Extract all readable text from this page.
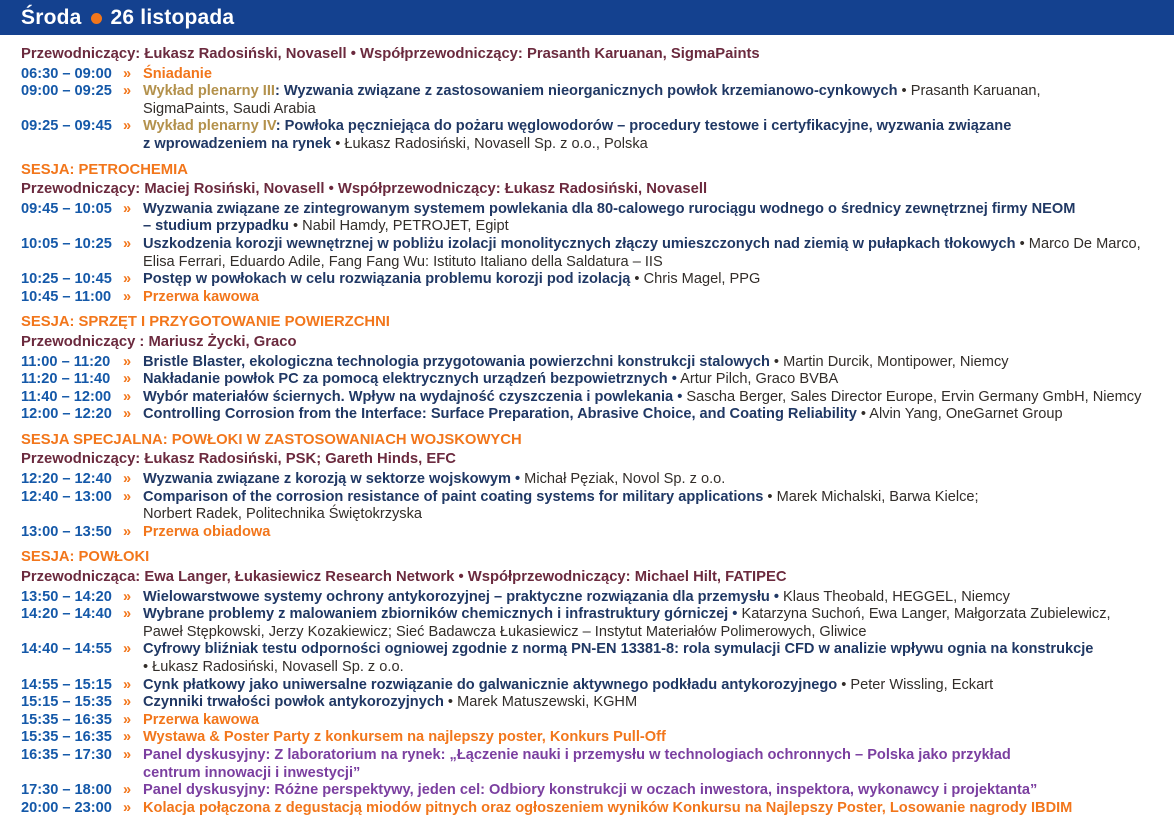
Środa 26 listopada
Przewodniczący: Łukasz Radosiński, Novasell • Współprzewodniczący: Prasanth Karuanan, SigmaPaints
06:30 – 09:00 » Śniadanie
09:00 – 09:25 » Wykład plenarny III: Wyzwania związane z zastosowaniem nieorganicznych powłok krzemianowo-cynkowych • Prasanth Karuanan,
SigmaPaints, Saudi Arabia
09:25 – 09:45 » Wykład plenarny IV: Powłoka pęczniejąca do pożaru węglowodorów – procedury testowe i certyfikacyjne, wyzwania związane
z wprowadzeniem na rynek • Łukasz Radosiński, Novasell Sp. z o.o., Polska
SESJA: PETROCHEMIA
Przewodniczący: Maciej Rosiński, Novasell • Współprzewodniczący: Łukasz Radosiński, Novasell
09:45 – 10:05 » Wyzwania związane ze zintegrowanym systemem powlekania dla 80-calowego rurociągu wodnego o średnicy zewnętrznej firmy NEOM
– studium przypadku • Nabil Hamdy, PETROJET, Egipt
10:05 – 10:25 » Uszkodzenia korozji wewnętrznej w pobliżu izolacji monolitycznych złączy umieszczonych nad ziemią w pułapkach tłokowych • Marco De Marco,
Elisa Ferrari, Eduardo Adile, Fang Fang Wu: Istituto Italiano della Saldatura – IIS
10:25 – 10:45 » Postęp w powłokach w celu rozwiązania problemu korozji pod izolacją • Chris Magel, PPG
10:45 – 11:00 » Przerwa kawowa
SESJA: SPRZĘT I PRZYGOTOWANIE POWIERZCHNI
Przewodniczący : Mariusz Życki, Graco
11:00 – 11:20 » Bristle Blaster, ekologiczna technologia przygotowania powierzchni konstrukcji stalowych • Martin Durcik, Montipower, Niemcy
11:20 – 11:40 » Nakładanie powłok PC za pomocą elektrycznych urządzeń bezpowietrznych • Artur Pilch, Graco BVBA
11:40 – 12:00 » Wybór materiałów ściernych. Wpływ na wydajność czyszczenia i powlekania • Sascha Berger, Sales Director Europe, Ervin Germany GmbH, Niemcy
12:00 – 12:20 » Controlling Corrosion from the Interface: Surface Preparation, Abrasive Choice, and Coating Reliability • Alvin Yang, OneGarnet Group
SESJA SPECJALNA: POWŁOKI W ZASTOSOWANIACH WOJSKOWYCH
Przewodniczący: Łukasz Radosiński, PSK; Gareth Hinds, EFC
12:20 – 12:40 » Wyzwania związane z korozją w sektorze wojskowym • Michał Pęziak, Novol Sp. z o.o.
12:40 – 13:00 » Comparison of the corrosion resistance of paint coating systems for military applications • Marek Michalski, Barwa Kielce;
Norbert Radek, Politechnika Świętokrzyska
13:00 – 13:50 » Przerwa obiadowa
SESJA: POWŁOKI
Przewodnicząca: Ewa Langer, Łukasiewicz Research Network • Współprzewodniczący: Michael Hilt, FATIPEC
13:50 – 14:20 » Wielowarstwowe systemy ochrony antykorozyjnej – praktyczne rozwiązania dla przemysłu • Klaus Theobald, HEGGEL, Niemcy
14:20 – 14:40 » Wybrane problemy z malowaniem zbiorników chemicznych i infrastruktury górniczej • Katarzyna Suchoń, Ewa Langer, Małgorzata Zubielewicz,
Paweł Stępkowski, Jerzy Kozakiewicz; Sieć Badawcza Łukasiewicz – Instytut Materiałów Polimerowych, Gliwice
14:40 – 14:55 » Cyfrowy bliźniak testu odporności ogniowej zgodnie z normą PN-EN 13381-8: rola symulacji CFD w analizie wpływu ognia na konstrukcje
• Łukasz Radosiński, Novasell Sp. z o.o.
14:55 – 15:15 » Cynk płatkowy jako uniwersalne rozwiązanie do galwanicznie aktywnego podkładu antykorozyjnego • Peter Wissling, Eckart
15:15 – 15:35 » Czynniki trwałości powłok antykorozyjnych • Marek Matuszewski, KGHM
15:35 – 16:35 » Przerwa kawowa
15:35 – 16:35 » Wystawa & Poster Party z konkursem na najlepszy poster, Konkurs Pull-Off
16:35 – 17:30 » Panel dyskusyjny: Z laboratorium na rynek: „Łączenie nauki i przemysłu w technologiach ochronnych – Polska jako przykład
centrum innowacji i inwestycji”
17:30 – 18:00 » Panel dyskusyjny: Różne perspektywy, jeden cel: Odbiory konstrukcji w oczach inwestora, inspektora, wykonawcy i projektanta”
20:00 – 23:00 » Kolacja połączona z degustacją miodów pitnych oraz ogłoszeniem wyników Konkursu na Najlepszy Poster, Losowanie nagrody IBDIM
